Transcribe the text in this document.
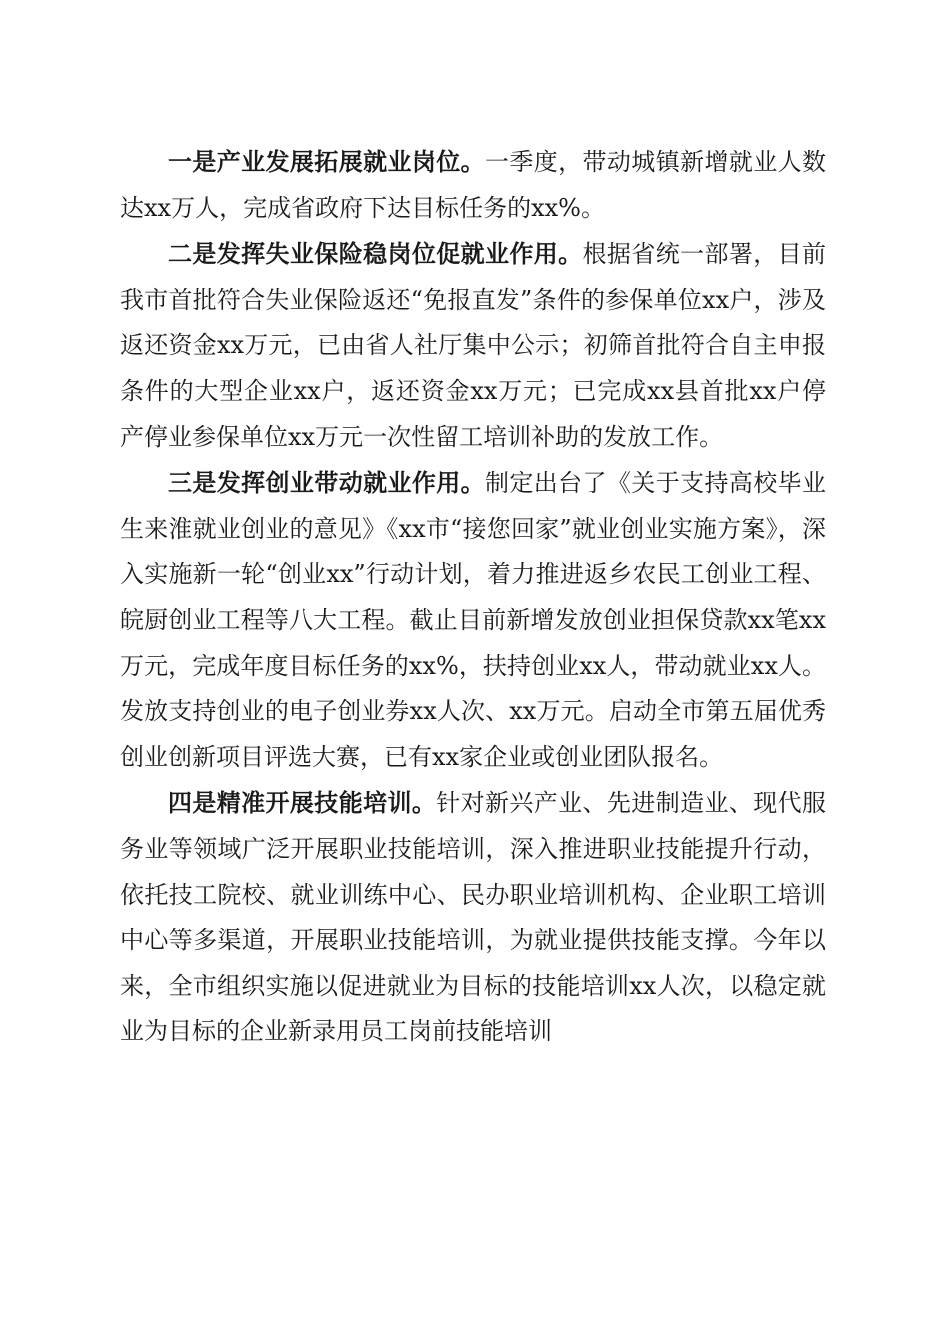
一是产业发展拓展就业岗位。一季度，带动城镇新增就业人数达xx万人，完成省政府下达目标任务的xx%。

二是发挥失业保险稳岗位促就业作用。根据省统一部署，目前我市首批符合失业保险返还“免报直发”条件的参保单位xx户，涉及返还资金xx万元，已由省人社厅集中公示；初筛首批符合自主申报条件的大型企业xx户，返还资金xx万元；已完成xx县首批xx户停产停业参保单位xx万元一次性留工培训补助的发放工作。

三是发挥创业带动就业作用。制定出台了《关于支持高校毕业生来淮就业创业的意见》《xx市“接您回家”就业创业实施方案》，深入实施新一轮“创业xx”行动计划，着力推进返乡农民工创业工程、皖厨创业工程等八大工程。截止目前新增发放创业担保贷款xx笔xx万元，完成年度目标任务的xx%，扶持创业xx人，带动就业xx人。发放支持创业的电子创业券xx人次、xx万元。启动全市第五届优秀创业创新项目评选大赛，已有xx家企业或创业团队报名。

四是精准开展技能培训。针对新兴产业、先进制造业、现代服务业等领域广泛开展职业技能培训，深入推进职业技能提升行动，依托技工院校、就业训练中心、民办职业培训机构、企业职工培训中心等多渠道，开展职业技能培训，为就业提供技能支撑。今年以来，全市组织实施以促进就业为目标的技能培训xx人次，以稳定就业为目标的企业新录用员工岗前技能培训
